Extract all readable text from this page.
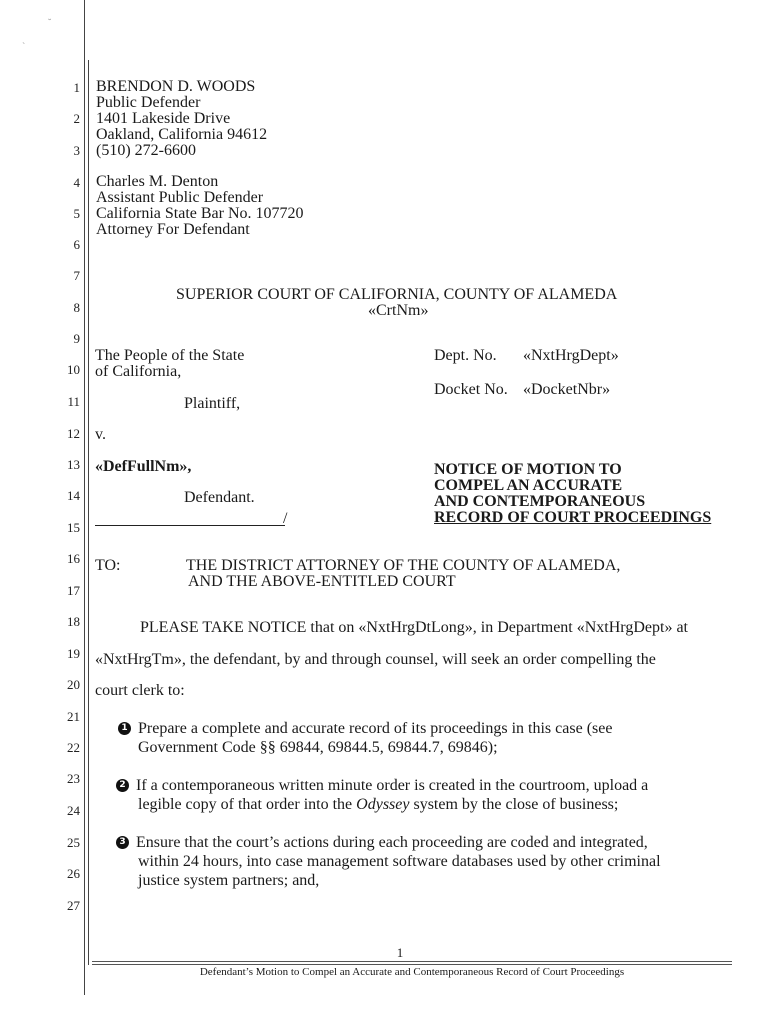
˘
`
1
2
3
4
5
6
7
8
9
10
11
12
13
14
15
16
17
18
19
20
21
22
23
24
25
26
27
BRENDON D. WOODS
Public Defender
1401 Lakeside Drive
Oakland, California 94612
(510) 272-6600
Charles M. Denton
Assistant Public Defender
California State Bar No. 107720
Attorney For Defendant
SUPERIOR COURT OF CALIFORNIA, COUNTY OF ALAMEDA
«CrtNm»
The People of the State
of California,
Plaintiff,
v.
«DefFullNm»,
Defendant.
/
Dept. No. «NxtHrgDept»
Docket No. «DocketNbr»
NOTICE OF MOTION TO
COMPEL AN ACCURATE
AND CONTEMPORANEOUS
RECORD OF COURT PROCEEDINGS
TO:	THE DISTRICT ATTORNEY OF THE COUNTY OF ALAMEDA,
AND THE ABOVE-ENTITLED COURT
PLEASE TAKE NOTICE that on «NxtHrgDtLong», in Department «NxtHrgDept» at
«NxtHrgTm», the defendant, by and through counsel, will seek an order compelling the
court clerk to:
1 Prepare a complete and accurate record of its proceedings in this case (see
Government Code §§ 69844, 69844.5, 69844.7, 69846);
2 If a contemporaneous written minute order is created in the courtroom, upload a
legible copy of that order into the Odyssey system by the close of business;
3 Ensure that the court’s actions during each proceeding are coded and integrated,
within 24 hours, into case management software databases used by other criminal
justice system partners; and,
1
Defendant’s Motion to Compel an Accurate and Contemporaneous Record of Court Proceedings
